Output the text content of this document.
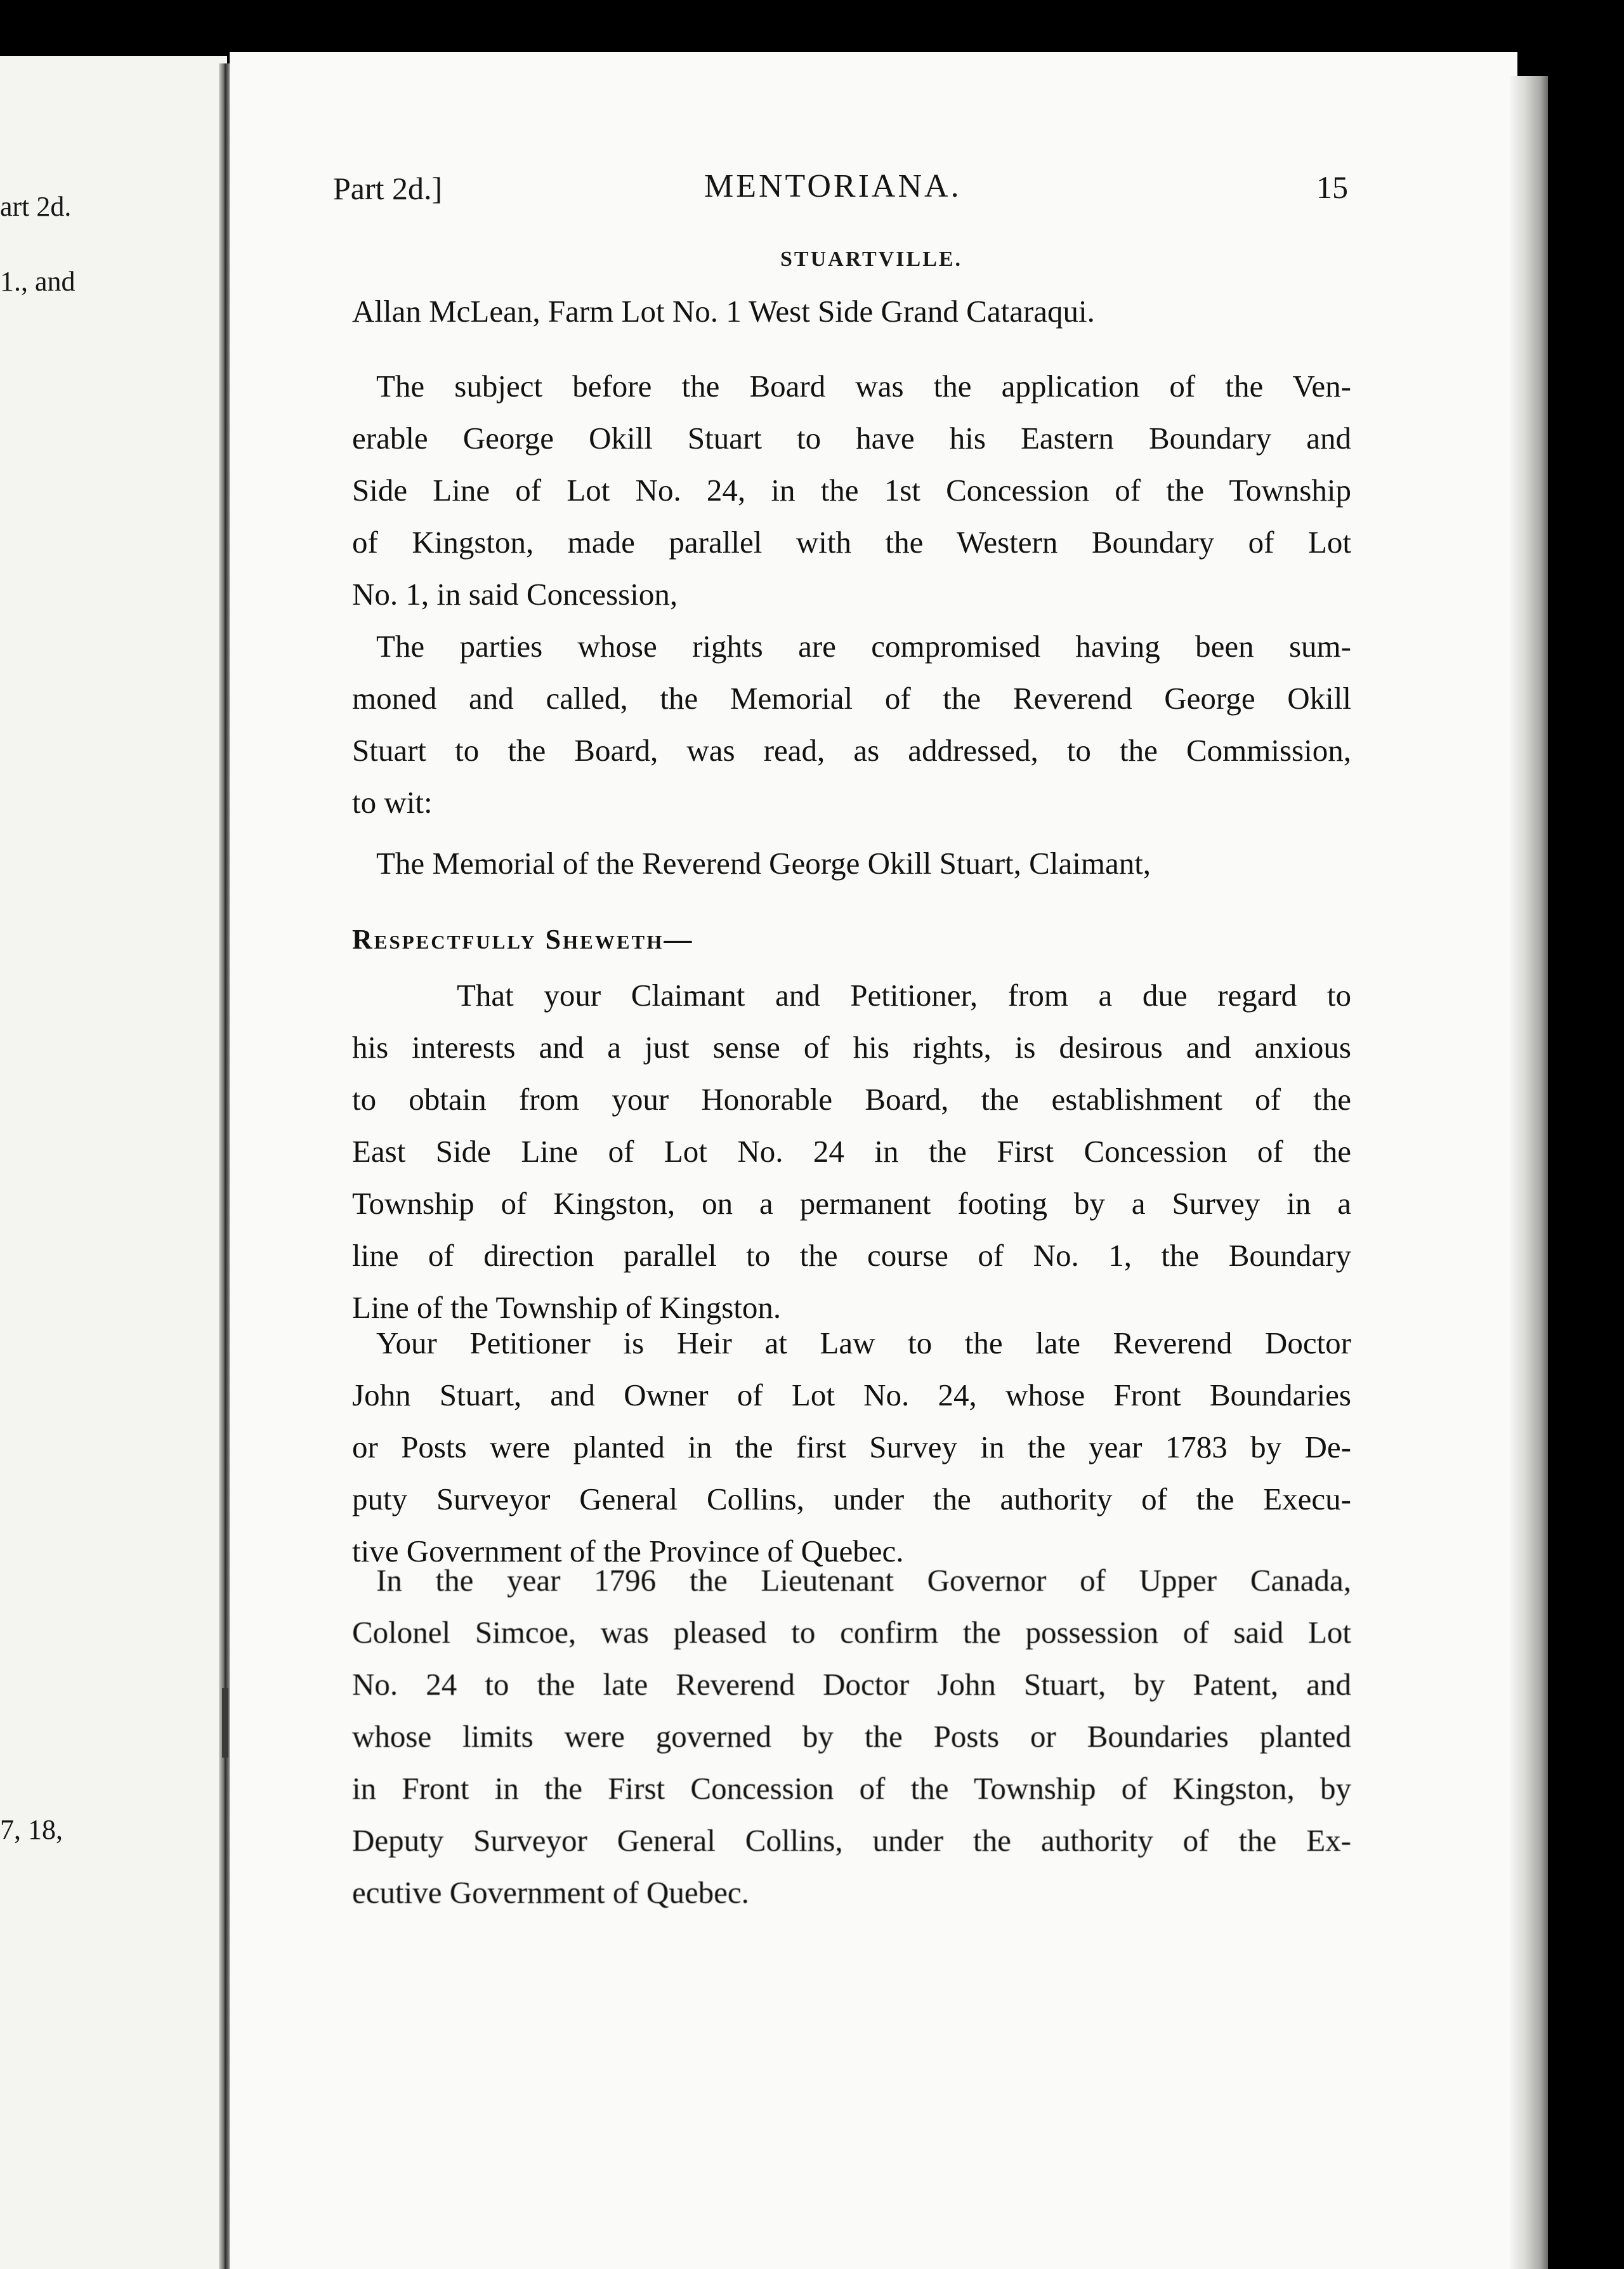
art 2d.
1., and
7, 18,
Part 2d.]	MENTORIANA.	15
STUARTVILLE.
Allan McLean, Farm Lot No. 1 West Side Grand Cataraqui.

The subject before the Board was the application of the Ven-
erable George Okill Stuart to have his Eastern Boundary and
Side Line of Lot No. 24, in the 1st Concession of the Township
of Kingston, made parallel with the Western Boundary of Lot
No. 1, in said Concession,

The parties whose rights are compromised having been sum-
moned and called, the Memorial of the Reverend George Okill
Stuart to the Board, was read, as addressed, to the Commission,
to wit:

The Memorial of the Reverend George Okill Stuart, Claimant,

Respectfully Sheweth—

That your Claimant and Petitioner, from a due regard to
his interests and a just sense of his rights, is desirous and anxious
to obtain from your Honorable Board, the establishment of the
East Side Line of Lot No. 24 in the First Concession of the
Township of Kingston, on a permanent footing by a Survey in a
line of direction parallel to the course of No. 1, the Boundary
Line of the Township of Kingston.

Your Petitioner is Heir at Law to the late Reverend Doctor
John Stuart, and Owner of Lot No. 24, whose Front Boundaries
or Posts were planted in the first Survey in the year 1783 by De-
puty Surveyor General Collins, under the authority of the Execu-
tive Government of the Province of Quebec.

In the year 1796 the Lieutenant Governor of Upper Canada,
Colonel Simcoe, was pleased to confirm the possession of said Lot
No. 24 to the late Reverend Doctor John Stuart, by Patent, and
whose limits were governed by the Posts or Boundaries planted
in Front in the First Concession of the Township of Kingston, by
Deputy Surveyor General Collins, under the authority of the Ex-
ecutive Government of Quebec.
